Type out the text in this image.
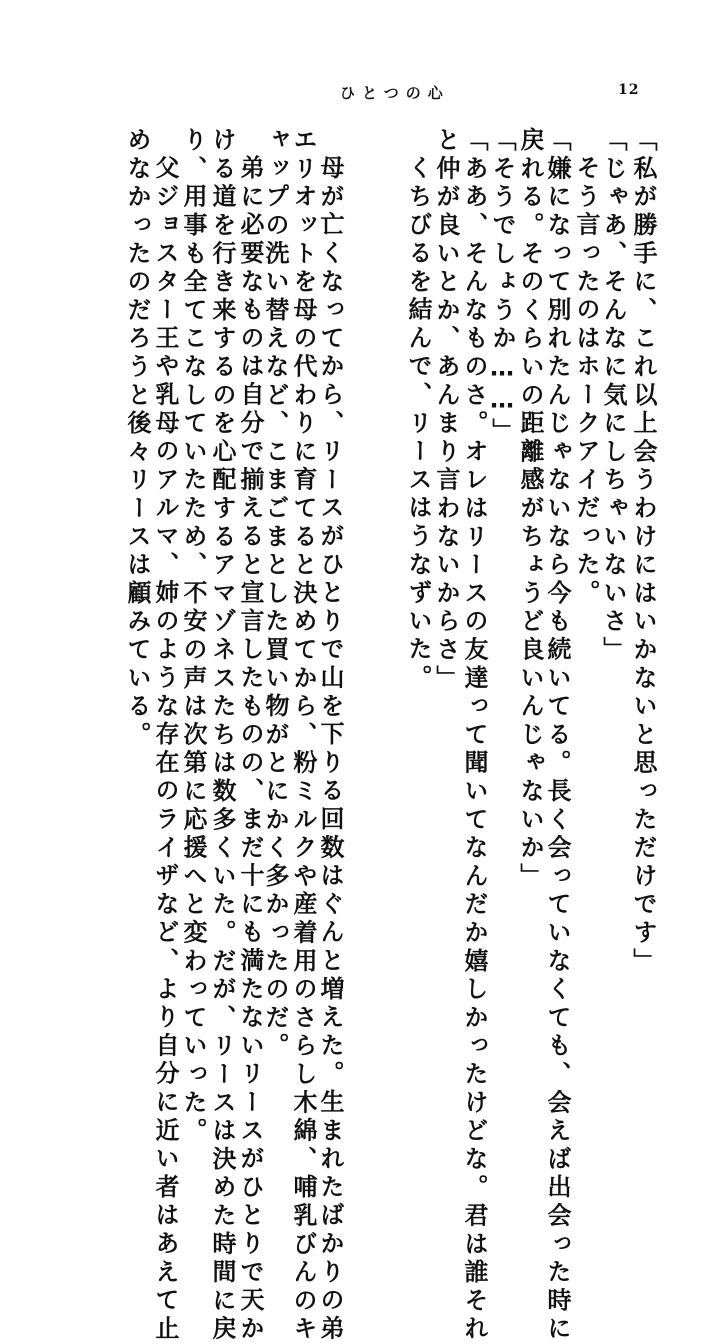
ひとつの心	12
「私が勝手に、これ以上会うわけにはいかないと思っただけです」
「じゃあ、そんなに気にしちゃいないさ」
そう言ったのはホークアイだった。
「嫌になって別れたんじゃないなら今も続いてる。長く会っていなくても、会えば出会った時に
戻れる。そのくらいの距離感がちょうど良いんじゃないか」
「そうでしょうか……」
「ああ、そんなものさ。オレはリースの友達って聞いてなんだか嬉しかったけどな。君は誰それ
と仲が良いとか、あんまり言わないからさ」
くちびるを結んで、リースはうなずいた。
母が亡くなってから、リースがひとりで山を下りる回数はぐんと増えた。生まれたばかりの弟
エリオットを母の代わりに育てると決めてから、粉ミルクや産着用のさらし木綿、哺乳びんのキ
ャップの洗い替えなど、こまごまとした買い物がとにかく多かったのだ。
弟に必要なものは自分で揃えると宣言したものの、まだ十にも満たないリースがひとりで天か
ける道を行き来するのを心配するアマゾネスたちは数多くいた。だが、リースは決めた時間に戻
り、用事も全てこなしていたため、不安の声は次第に応援へと変わっていった。
父ジョスター王や乳母のアルマ、姉のような存在のライザなど、より自分に近い者はあえて止
めなかったのだろうと後々リースは顧みている。
